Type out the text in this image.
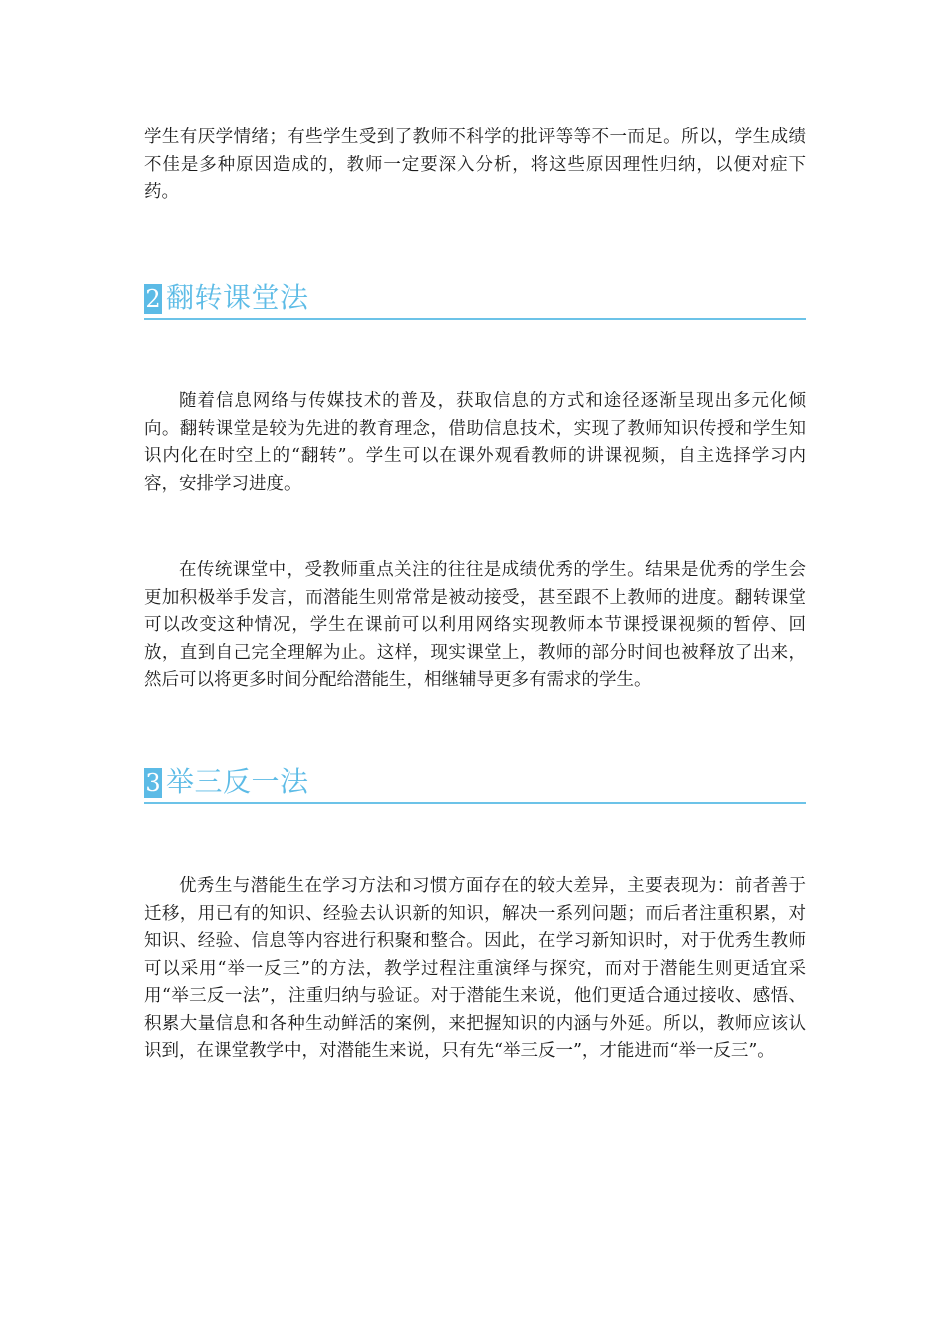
学生有厌学情绪；有些学生受到了教师不科学的批评等等不一而足。所以，学生成绩不佳是多种原因造成的，教师一定要深入分析，将这些原因理性归纳，以便对症下药。

2 翻转课堂法

随着信息网络与传媒技术的普及，获取信息的方式和途径逐渐呈现出多元化倾向。翻转课堂是较为先进的教育理念，借助信息技术，实现了教师知识传授和学生知识内化在时空上的“翻转”。学生可以在课外观看教师的讲课视频，自主选择学习内容，安排学习进度。

在传统课堂中，受教师重点关注的往往是成绩优秀的学生。结果是优秀的学生会更加积极举手发言，而潜能生则常常是被动接受，甚至跟不上教师的进度。翻转课堂可以改变这种情况，学生在课前可以利用网络实现教师本节课授课视频的暂停、回放，直到自己完全理解为止。这样，现实课堂上，教师的部分时间也被释放了出来，然后可以将更多时间分配给潜能生，相继辅导更多有需求的学生。

3 举三反一法

优秀生与潜能生在学习方法和习惯方面存在的较大差异，主要表现为：前者善于迁移，用已有的知识、经验去认识新的知识，解决一系列问题；而后者注重积累，对知识、经验、信息等内容进行积聚和整合。因此，在学习新知识时，对于优秀生教师可以采用“举一反三”的方法，教学过程注重演绎与探究，而对于潜能生则更适宜采用“举三反一法”，注重归纳与验证。对于潜能生来说，他们更适合通过接收、感悟、积累大量信息和各种生动鲜活的案例，来把握知识的内涵与外延。所以，教师应该认识到，在课堂教学中，对潜能生来说，只有先“举三反一”，才能进而“举一反三”。
